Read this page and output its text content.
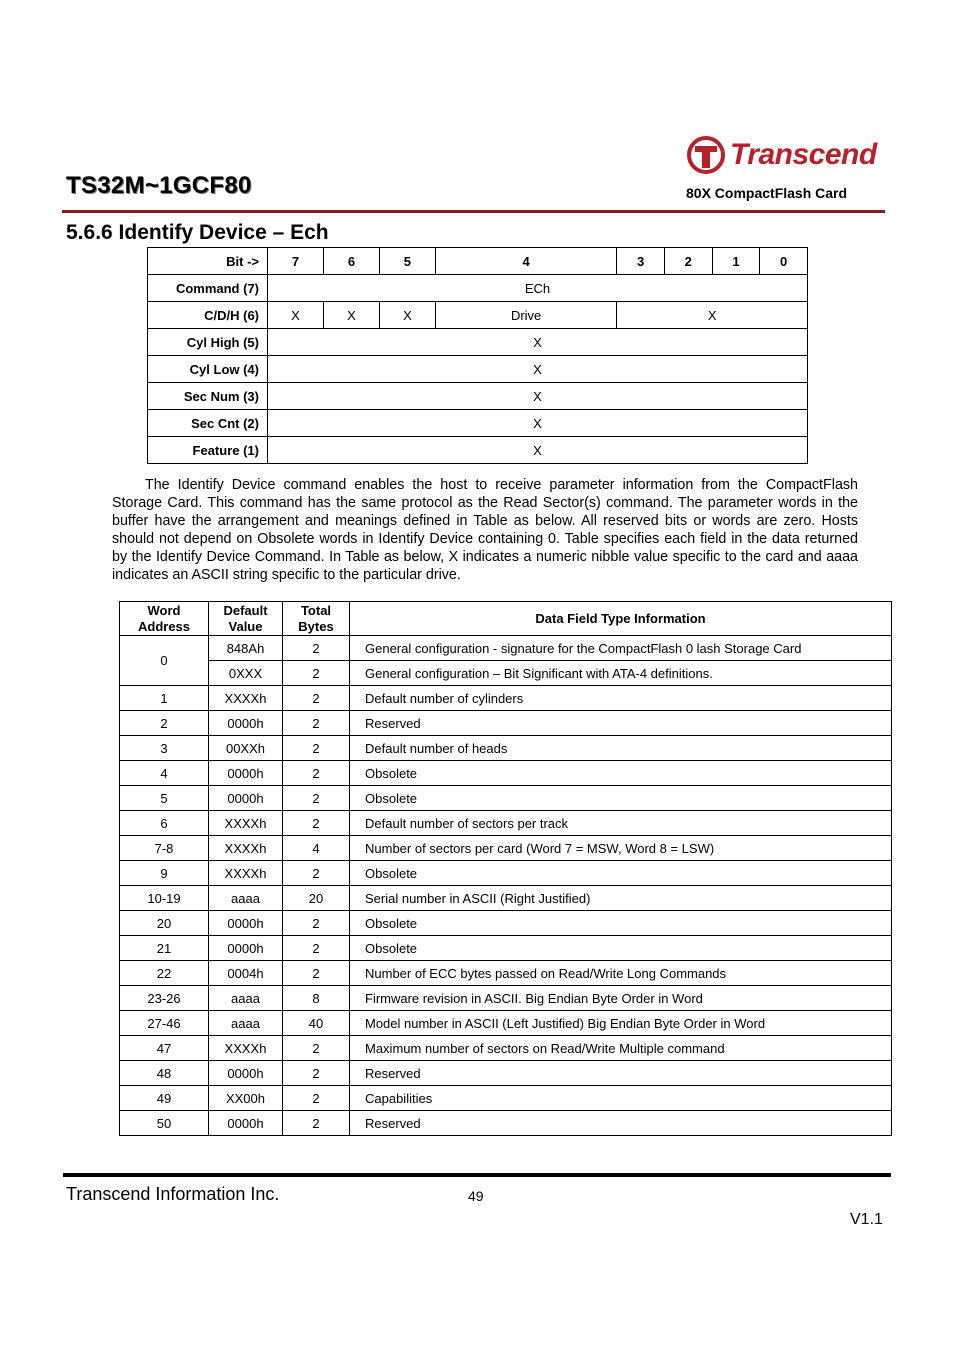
TS32M~1GCF80
Transcend
80X CompactFlash Card
5.6.6 Identify Device – Ech
Bit ->	7	6	5	4	3	2	1	0
Command (7)	ECh							
C/D/H (6)	X	X	X	Drive	X			
Cyl High (5)	X							
Cyl Low (4)	X							
Sec Num (3)	X							
Sec Cnt (2)	X							
Feature (1)	X							

The Identify Device command enables the host to receive parameter information from the CompactFlash Storage Card. This command has the same protocol as the Read Sector(s) command. The parameter words in the buffer have the arrangement and meanings defined in Table as below. All reserved bits or words are zero. Hosts should not depend on Obsolete words in Identify Device containing 0. Table specifies each field in the data returned by the Identify Device Command. In Table as below, X indicates a numeric nibble value specific to the card and aaaa indicates an ASCII string specific to the particular drive.

Word Address	Default Value	Total Bytes	Data Field Type Information
0	848Ah	2	General configuration - signature for the CompactFlash 0 lash Storage Card
	0XXX	2	General configuration – Bit Significant with ATA-4 definitions.
1	XXXXh	2	Default number of cylinders
2	0000h	2	Reserved
3	00XXh	2	Default number of heads
4	0000h	2	Obsolete
5	0000h	2	Obsolete
6	XXXXh	2	Default number of sectors per track
7-8	XXXXh	4	Number of sectors per card (Word 7 = MSW, Word 8 = LSW)
9	XXXXh	2	Obsolete
10-19	aaaa	20	Serial number in ASCII (Right Justified)
20	0000h	2	Obsolete
21	0000h	2	Obsolete
22	0004h	2	Number of ECC bytes passed on Read/Write Long Commands
23-26	aaaa	8	Firmware revision in ASCII. Big Endian Byte Order in Word
27-46	aaaa	40	Model number in ASCII (Left Justified) Big Endian Byte Order in Word
47	XXXXh	2	Maximum number of sectors on Read/Write Multiple command
48	0000h	2	Reserved
49	XX00h	2	Capabilities
50	0000h	2	Reserved
Transcend Information Inc.	49
V1.1
